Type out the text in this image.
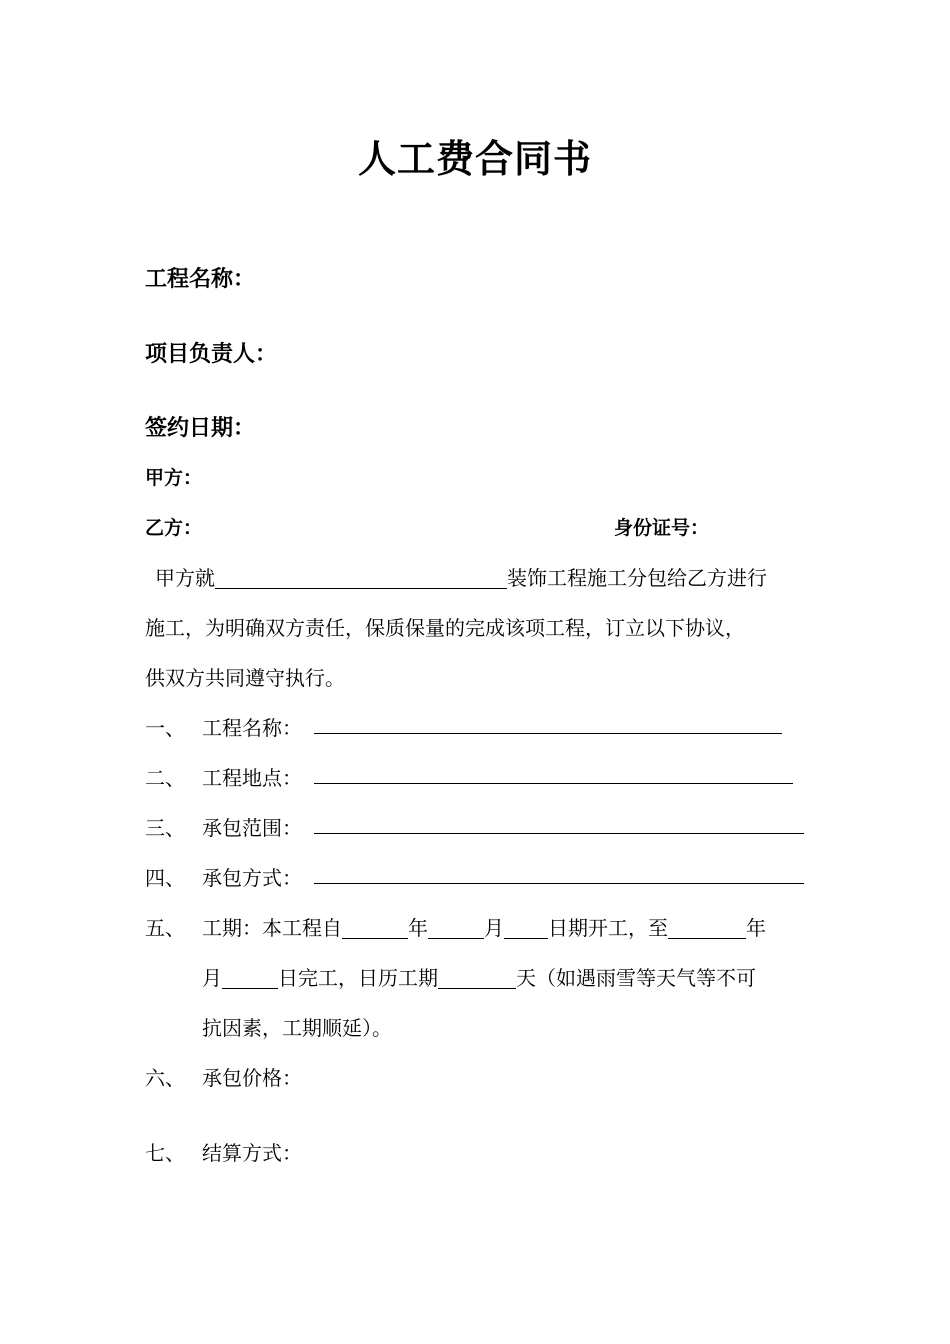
人工费合同书
工程名称：
项目负责人：
签约日期：
甲方：
乙方：	身份证号：
甲方就	装饰工程施工分包给乙方进行
施工，为明确双方责任，保质保量的完成该项工程，订立以下协议，
供双方共同遵守执行。
一、 工程名称：
二、 工程地点：
三、 承包范围：
四、 承包方式：
五、 工期：本工程自	年	月 日期开工，至	年
月	日完工，日历工期	天（如遇雨雪等天气等不可
抗因素，工期顺延）。
六、 承包价格：
七、 结算方式：
